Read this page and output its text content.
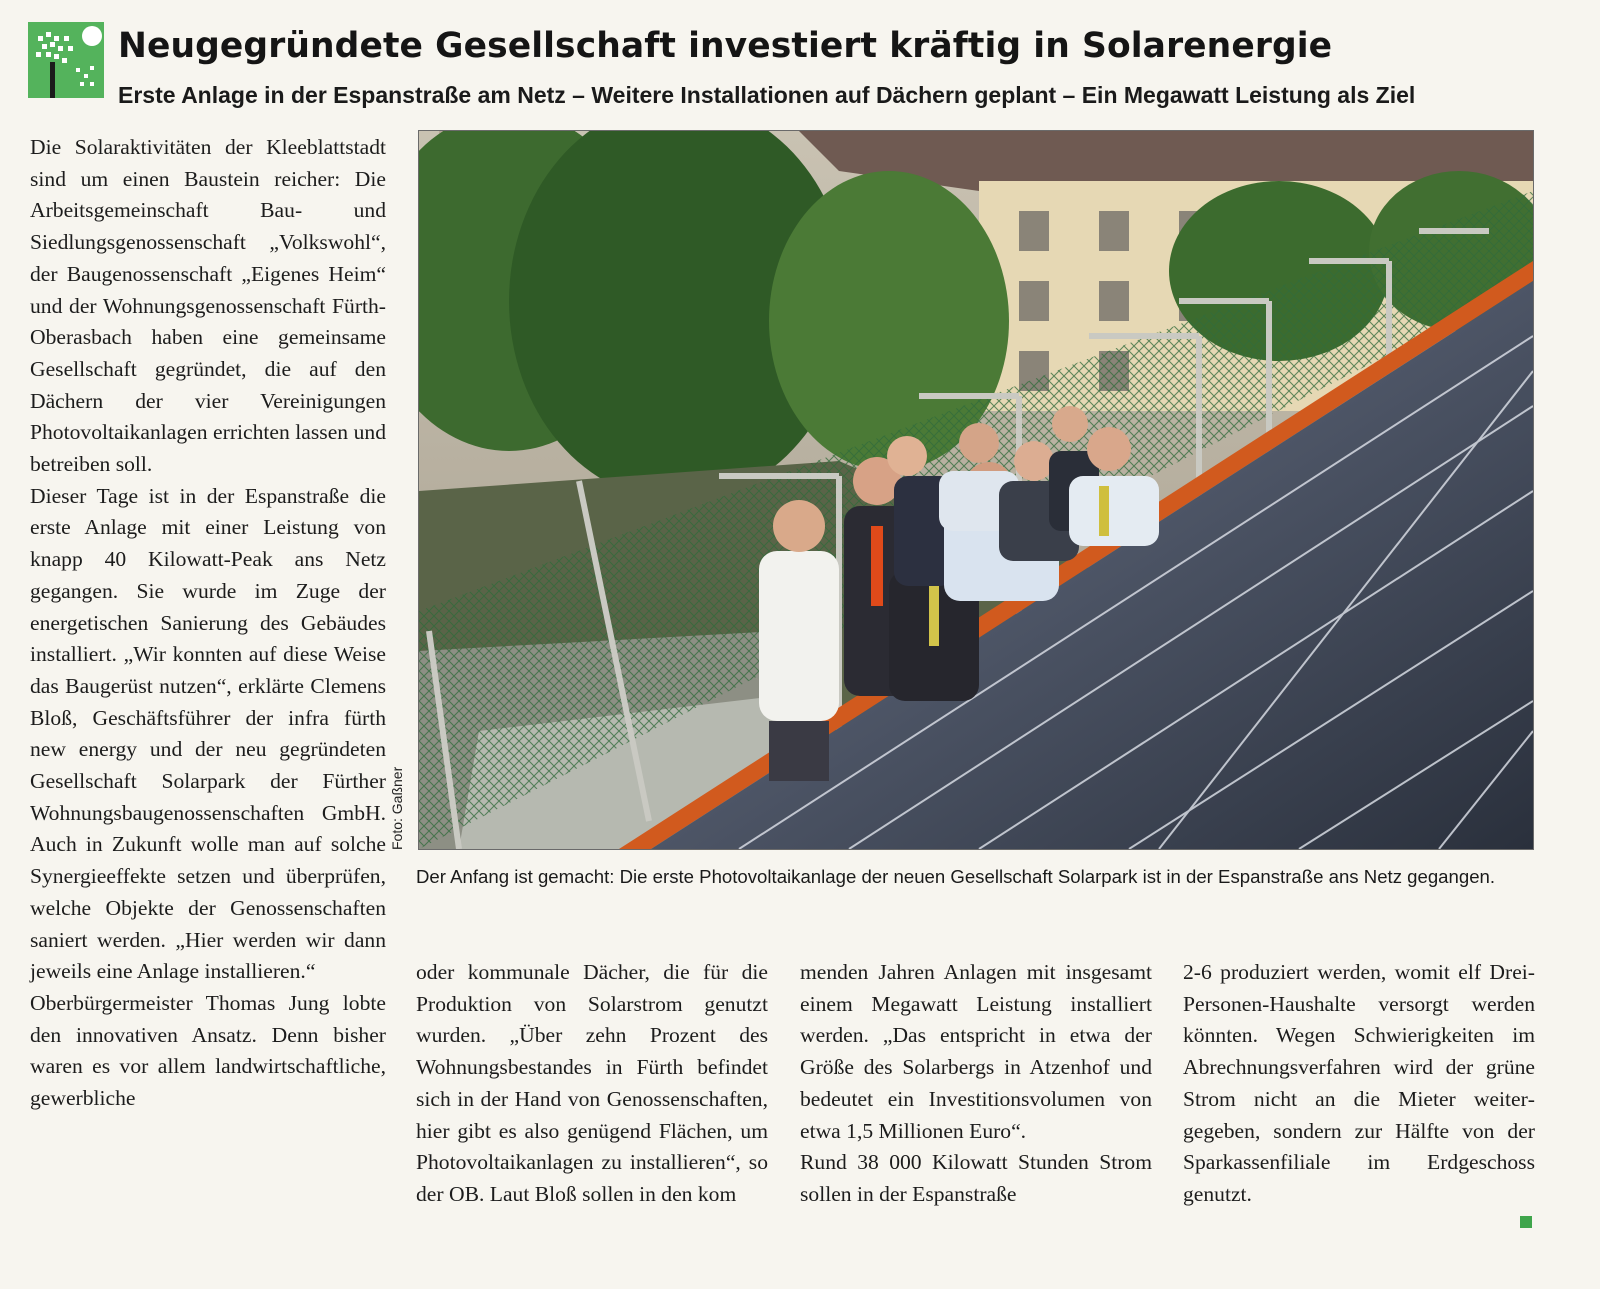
Neugegründete Gesellschaft investiert kräftig in Solarenergie
Erste Anlage in der Espanstraße am Netz – Weitere Installationen auf Dächern geplant – Ein Megawatt Leistung als Ziel

Die Solaraktivitäten der Kleeblattstadt sind um einen Baustein reicher: Die Arbeitsgemeinschaft Bau- und Siedlungsgenossenschaft „Volkswohl“, der Baugenossenschaft „Eigenes Heim“ und der Wohnungsgenossenschaft Fürth-Oberasbach haben eine gemeinsame Gesellschaft gegründet, die auf den Dächern der vier Vereinigungen Photovoltaikanlagen errichten lassen und betreiben soll.

Dieser Tage ist in der Espanstraße die erste Anlage mit einer Leistung von knapp 40 Kilowatt-Peak ans Netz gegangen. Sie wurde im Zuge der energetischen Sanierung des Gebäudes installiert. „Wir konnten auf diese Weise das Baugerüst nutzen“, erklärte Clemens Bloß, Geschäftsführer der infra fürth new energy und der neu gegründeten Gesellschaft Solarpark der Fürther Wohnungsbaugenossenschaften GmbH. Auch in Zukunft wolle man auf solche Synergieeffekte setzen und überprüfen, welche Objekte der Genossenschaften saniert werden. „Hier werden wir dann jeweils eine Anlage installieren.“

Oberbürgermeister Thomas Jung lobte den innovativen Ansatz. Denn bisher waren es vor allem landwirtschaftliche, gewerbliche

Foto: Gaßner
Der Anfang ist gemacht: Die erste Photovoltaikanlage der neuen Gesellschaft Solarpark ist in der Espanstraße ans Netz gegangen.

oder kommunale Dächer, die für die Produktion von Solarstrom genutzt wurden. „Über zehn Prozent des Wohnungsbestandes in Fürth befindet sich in der Hand von Genossenschaften, hier gibt es also genügend Flächen, um Photovoltaikanlagen zu installieren“, so der OB. Laut Bloß sollen in den kom

menden Jahren Anlagen mit insgesamt einem Megawatt Leistung installiert werden. „Das entspricht in etwa der Größe des Solarbergs in Atzenhof und bedeutet ein Investitionsvolumen von etwa 1,5 Millionen Euro“.

Rund 38 000 Kilowatt Stunden Strom sollen in der Espanstraße

2-6 produziert werden, womit elf Drei-Personen-Haushalte versorgt werden könnten. Wegen Schwierigkeiten im Abrechnungsverfahren wird der grüne Strom nicht an die Mieter weitergegeben, sondern zur Hälfte von der Sparkassenfiliale im Erdgeschoss genutzt.
